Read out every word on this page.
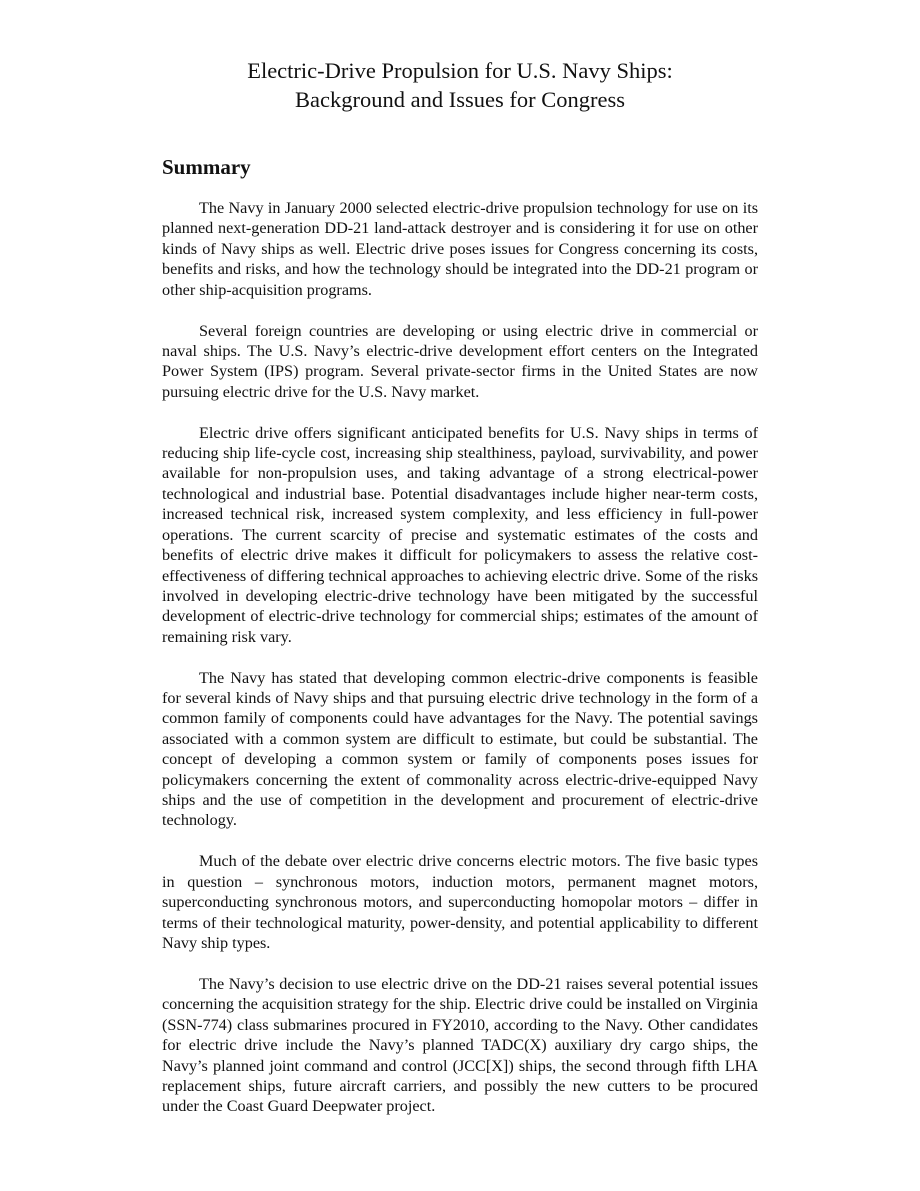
Electric-Drive Propulsion for U.S. Navy Ships:
Background and Issues for Congress
Summary

The Navy in January 2000 selected electric-drive propulsion technology for use on its planned next-generation DD-21 land-attack destroyer and is considering it for use on other kinds of Navy ships as well. Electric drive poses issues for Congress concerning its costs, benefits and risks, and how the technology should be integrated into the DD-21 program or other ship-acquisition programs.

Several foreign countries are developing or using electric drive in commercial or naval ships. The U.S. Navy’s electric-drive development effort centers on the Integrated Power System (IPS) program. Several private-sector firms in the United States are now pursuing electric drive for the U.S. Navy market.

Electric drive offers significant anticipated benefits for U.S. Navy ships in terms of reducing ship life-cycle cost, increasing ship stealthiness, payload, survivability, and power available for non-propulsion uses, and taking advantage of a strong electrical-power technological and industrial base. Potential disadvantages include higher near-term costs, increased technical risk, increased system complexity, and less efficiency in full-power operations. The current scarcity of precise and systematic estimates of the costs and benefits of electric drive makes it difficult for policymakers to assess the relative cost-effectiveness of differing technical approaches to achieving electric drive. Some of the risks involved in developing electric-drive technology have been mitigated by the successful development of electric-drive technology for commercial ships; estimates of the amount of remaining risk vary.

The Navy has stated that developing common electric-drive components is feasible for several kinds of Navy ships and that pursuing electric drive technology in the form of a common family of components could have advantages for the Navy. The potential savings associated with a common system are difficult to estimate, but could be substantial. The concept of developing a common system or family of components poses issues for policymakers concerning the extent of commonality across electric-drive-equipped Navy ships and the use of competition in the development and procurement of electric-drive technology.

Much of the debate over electric drive concerns electric motors. The five basic types in question – synchronous motors, induction motors, permanent magnet motors, superconducting synchronous motors, and superconducting homopolar motors – differ in terms of their technological maturity, power-density, and potential applicability to different Navy ship types.

The Navy’s decision to use electric drive on the DD-21 raises several potential issues concerning the acquisition strategy for the ship. Electric drive could be installed on Virginia (SSN-774) class submarines procured in FY2010, according to the Navy. Other candidates for electric drive include the Navy’s planned TADC(X) auxiliary dry cargo ships, the Navy’s planned joint command and control (JCC[X]) ships, the second through fifth LHA replacement ships, future aircraft carriers, and possibly the new cutters to be procured under the Coast Guard Deepwater project.
